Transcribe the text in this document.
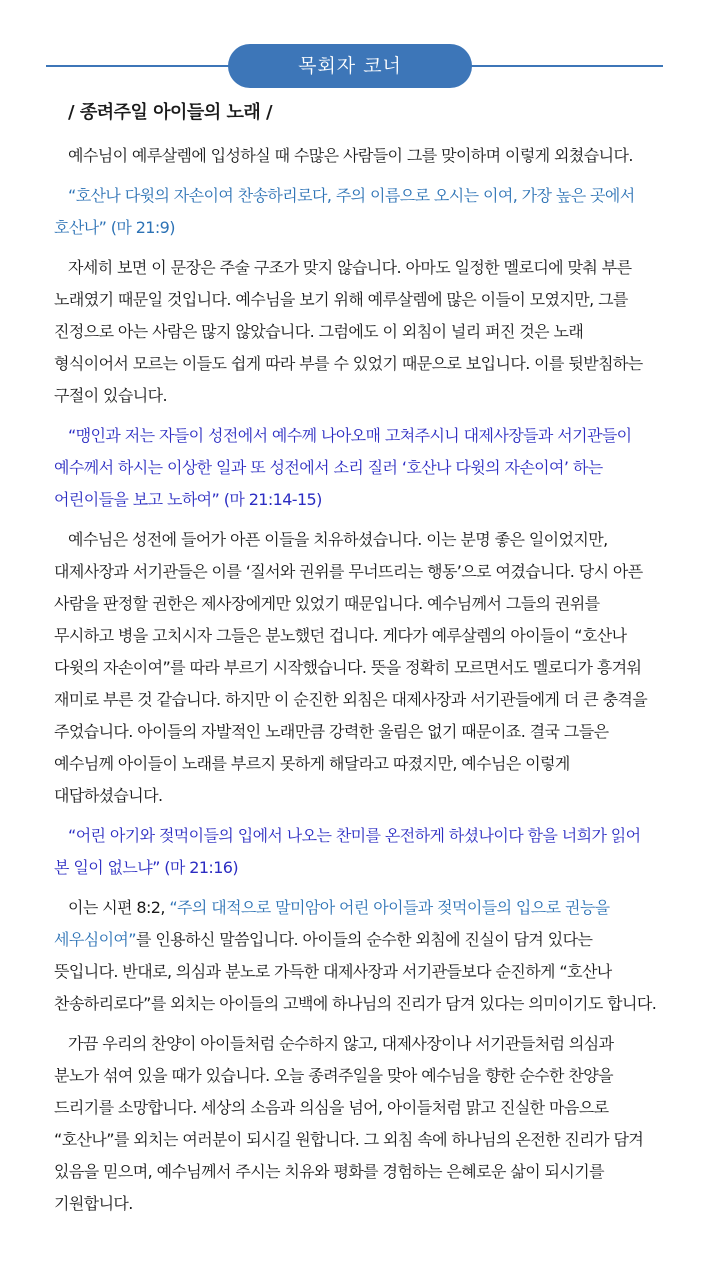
목회자 코너
/ 종려주일 아이들의 노래 /

예수님이 예루살렘에 입성하실 때 수많은 사람들이 그를 맞이하며 이렇게 외쳤습니다.

“호산나 다윗의 자손이여 찬송하리로다, 주의 이름으로 오시는 이여, 가장 높은 곳에서 호산나” (마 21:9)

자세히 보면 이 문장은 주술 구조가 맞지 않습니다. 아마도 일정한 멜로디에 맞춰 부른 노래였기 때문일 것입니다. 예수님을 보기 위해 예루살렘에 많은 이들이 모였지만, 그를 진정으로 아는 사람은 많지 않았습니다. 그럼에도 이 외침이 널리 퍼진 것은 노래 형식이어서 모르는 이들도 쉽게 따라 부를 수 있었기 때문으로 보입니다. 이를 뒷받침하는 구절이 있습니다.

“맹인과 저는 자들이 성전에서 예수께 나아오매 고쳐주시니 대제사장들과 서기관들이 예수께서 하시는 이상한 일과 또 성전에서 소리 질러 ‘호산나 다윗의 자손이여’ 하는 어린이들을 보고 노하여” (마 21:14-15)

예수님은 성전에 들어가 아픈 이들을 치유하셨습니다. 이는 분명 좋은 일이었지만, 대제사장과 서기관들은 이를 ‘질서와 권위를 무너뜨리는 행동’으로 여겼습니다. 당시 아픈 사람을 판정할 권한은 제사장에게만 있었기 때문입니다. 예수님께서 그들의 권위를 무시하고 병을 고치시자 그들은 분노했던 겁니다. 게다가 예루살렘의 아이들이 “호산나 다윗의 자손이여”를 따라 부르기 시작했습니다. 뜻을 정확히 모르면서도 멜로디가 흥겨워 재미로 부른 것 같습니다. 하지만 이 순진한 외침은 대제사장과 서기관들에게 더 큰 충격을 주었습니다. 아이들의 자발적인 노래만큼 강력한 울림은 없기 때문이죠. 결국 그들은 예수님께 아이들이 노래를 부르지 못하게 해달라고 따졌지만, 예수님은 이렇게 대답하셨습니다.

“어린 아기와 젖먹이들의 입에서 나오는 찬미를 온전하게 하셨나이다 함을 너희가 읽어 본 일이 없느냐” (마 21:16)

이는 시편 8:2, “주의 대적으로 말미암아 어린 아이들과 젖먹이들의 입으로 권능을 세우심이여”를 인용하신 말씀입니다. 아이들의 순수한 외침에 진실이 담겨 있다는 뜻입니다. 반대로, 의심과 분노로 가득한 대제사장과 서기관들보다 순진하게 “호산나 찬송하리로다”를 외치는 아이들의 고백에 하나님의 진리가 담겨 있다는 의미이기도 합니다.

가끔 우리의 찬양이 아이들처럼 순수하지 않고, 대제사장이나 서기관들처럼 의심과 분노가 섞여 있을 때가 있습니다. 오늘 종려주일을 맞아 예수님을 향한 순수한 찬양을 드리기를 소망합니다. 세상의 소음과 의심을 넘어, 아이들처럼 맑고 진실한 마음으로 “호산나”를 외치는 여러분이 되시길 원합니다. 그 외침 속에 하나님의 온전한 진리가 담겨 있음을 믿으며, 예수님께서 주시는 치유와 평화를 경험하는 은혜로운 삶이 되시기를 기원합니다.
